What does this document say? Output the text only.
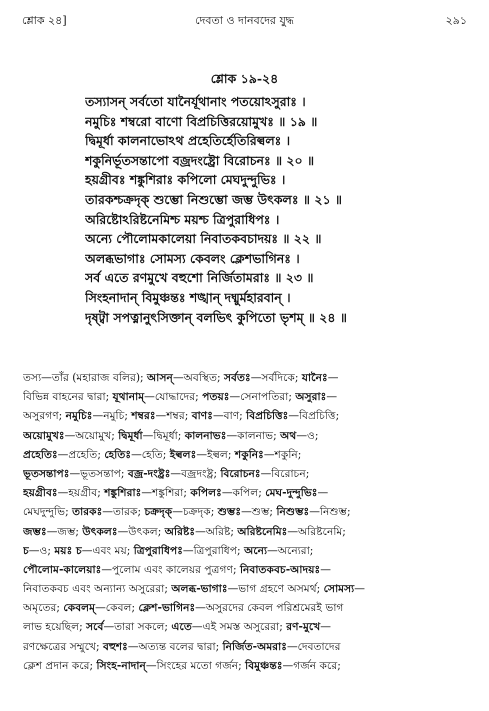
শ্লোক ২৪]	দেবতা ও দানবদের যুদ্ধ	২৯১
শ্লোক ১৯-২৪
তস্যাসন্ সর্বতো যানৈর্যূথানাং পতয়োঽসুরাঃ ।
নমুচিঃ শম্বরো বাণো বিপ্রচিত্তিরয়োমুখঃ ॥ ১৯ ॥
দ্বিমূর্ধা কালনাভোঽথ প্রহেতির্হেতিরিল্বলঃ ।
শকুনির্ভূতসন্তাপো বজ্রদংষ্ট্রো বিরোচনঃ ॥ ২০ ॥
হয়গ্রীবঃ শঙ্কুশিরাঃ কপিলো মেঘদুন্দুভিঃ ।
তারকশ্চক্রদৃক্ শুম্ভো নিশুম্ভো জম্ভ উৎকলঃ ॥ ২১ ॥
অরিষ্টোঽরিষ্টনেমিশ্চ ময়শ্চ ত্রিপুরাধিপঃ ।
অন্যে পৌলোমকালেয়া নিবাতকবচাদয়ঃ ॥ ২২ ॥
অলব্ধভাগাঃ সোমস্য কেবলং ক্লেশভাগিনঃ ।
সর্ব এতে রণমুখে বহুশো নির্জিতামরাঃ ॥ ২৩ ॥
সিংহনাদান্ বিমুঞ্চন্তঃ শঙ্খান্ দধ্মুর্মহারবান্ ।
দৃষ্ট্বা সপত্নানুৎসিক্তান্ বলভিৎ কুপিতো ভৃশম্ ॥ ২৪ ॥
তস্য—তাঁর (মহারাজ বলির); আসন্—অবস্থিত; সর্বতঃ—সর্বদিকে; যানৈঃ—
বিভিন্ন বাহনের দ্বারা; যূথানাম্—যোদ্ধাদের; পতয়ঃ—সেনাপতিরা; অসুরাঃ—
অসুরগণ; নমুচিঃ—নমুচি; শম্বরঃ—শম্বর; বাণঃ—বাণ; বিপ্রচিত্তিঃ—বিপ্রচিত্তি;
অয়োমুখঃ—অয়োমুখ; দ্বিমূর্ধা—দ্বিমূর্ধা; কালনাভঃ—কালনাভ; অথ—ও;
প্রহেতিঃ—প্রহেতি; হেতিঃ—হেতি; ইল্বলঃ—ইল্বল; শকুনিঃ—শকুনি;
ভূতসন্তাপঃ—ভূতসন্তাপ; বজ্র-দংষ্ট্রঃ—বজ্রদংষ্ট্র; বিরোচনঃ—বিরোচন;
হয়গ্রীবঃ—হয়গ্রীব; শঙ্কুশিরাঃ—শঙ্কুশিরা; কপিলঃ—কপিল; মেঘ-দুন্দুভিঃ—
মেঘদুন্দুভি; তারকঃ—তারক; চক্রদৃক্—চক্রদৃক; শুম্ভঃ—শুম্ভ; নিশুম্ভঃ—নিশুম্ভ;
জম্ভঃ—জম্ভ; উৎকলঃ—উৎকল; অরিষ্টঃ—অরিষ্ট; অরিষ্টনেমিঃ—অরিষ্টনেমি;
চ—ও; ময়ঃ চ—এবং ময়; ত্রিপুরাধিপঃ—ত্রিপুরাধিপ; অন্যে—অন্যেরা;
পৌলোম-কালেয়াঃ—পুলোম এবং কালেয়র পুত্রগণ; নিবাতকবচ-আদয়ঃ—
নিবাতকবচ এবং অন্যান্য অসুরেরা; অলব্ধ-ভাগাঃ—ভাগ গ্রহণে অসমর্থ; সোমস্য—
অমৃতের; কেবলম্—কেবল; ক্লেশ-ভাগিনঃ—অসুরদের কেবল পরিশ্রমেরই ভাগ
লাভ হয়েছিল; সর্বে—তারা সকলে; এতে—এই সমস্ত অসুরেরা; রণ-মুখে—
রণক্ষেত্রের সম্মুখে; বহুশঃ—অত্যন্ত বলের দ্বারা; নির্জিত-অমরাঃ—দেবতাদের
ক্লেশ প্রদান করে; সিংহ-নাদান্—সিংহের মতো গর্জন; বিমুঞ্চন্তঃ—গর্জন করে;
